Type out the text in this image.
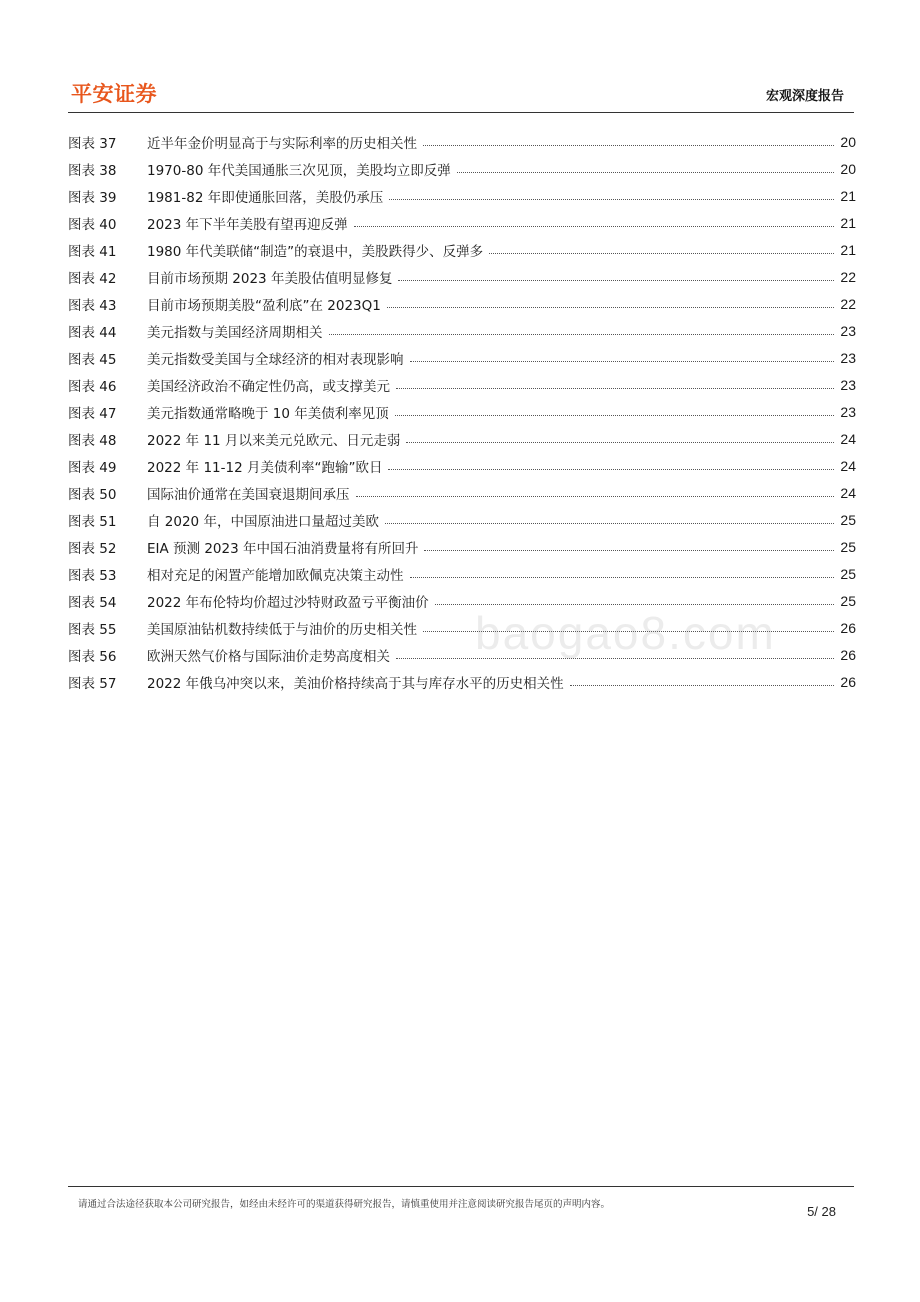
平安证券	宏观深度报告
图表 37	近半年金价明显高于与实际利率的历史相关性	20
图表 38	1970-80 年代美国通胀三次见顶，美股均立即反弹	20
图表 39	1981-82 年即使通胀回落，美股仍承压	21
图表 40	2023 年下半年美股有望再迎反弹	21
图表 41	1980 年代美联储“制造”的衰退中，美股跌得少、反弹多	21
图表 42	目前市场预期 2023 年美股估值明显修复	22
图表 43	目前市场预期美股“盈利底”在 2023Q1	22
图表 44	美元指数与美国经济周期相关	23
图表 45	美元指数受美国与全球经济的相对表现影响	23
图表 46	美国经济政治不确定性仍高，或支撑美元	23
图表 47	美元指数通常略晚于 10 年美债利率见顶	23
图表 48	2022 年 11 月以来美元兑欧元、日元走弱	24
图表 49	2022 年 11-12 月美债利率“跑输”欧日	24
图表 50	国际油价通常在美国衰退期间承压	24
图表 51	自 2020 年，中国原油进口量超过美欧	25
图表 52	EIA 预测 2023 年中国石油消费量将有所回升	25
图表 53	相对充足的闲置产能增加欧佩克决策主动性	25
图表 54	2022 年布伦特均价超过沙特财政盈亏平衡油价	25
图表 55	美国原油钻机数持续低于与油价的历史相关性	26
图表 56	欧洲天然气价格与国际油价走势高度相关	26
图表 57	2022 年俄乌冲突以来，美油价格持续高于其与库存水平的历史相关性	26
baogao8.com
请通过合法途径获取本公司研究报告，如经由未经许可的渠道获得研究报告，请慎重使用并注意阅读研究报告尾页的声明内容。	5/ 28
